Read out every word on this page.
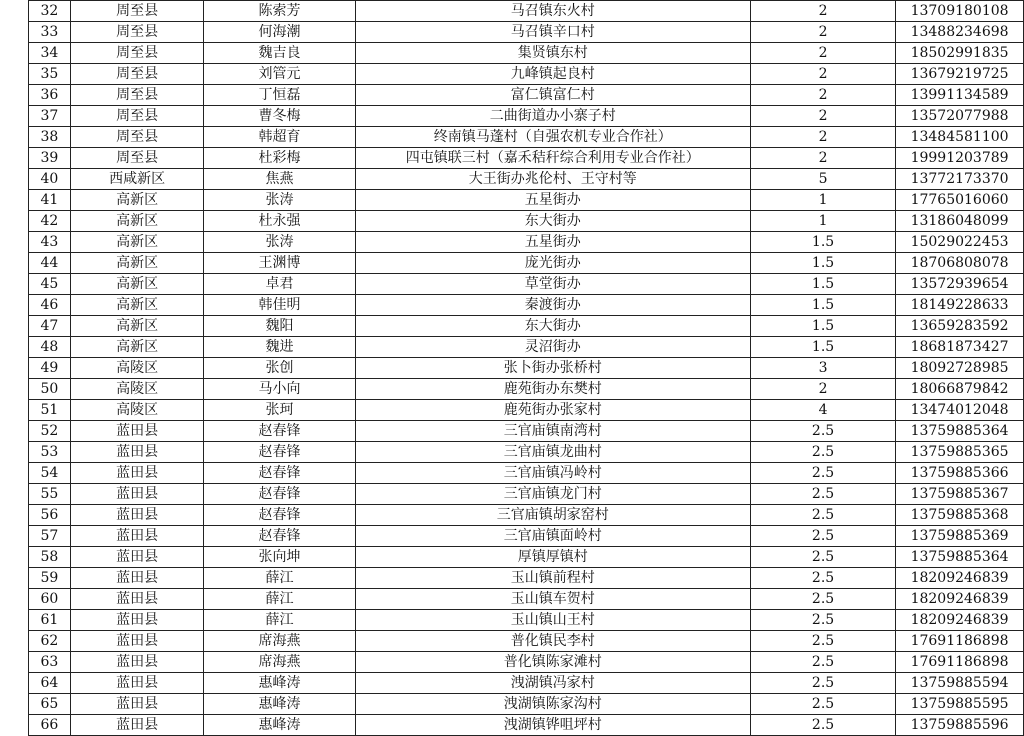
32	周至县	陈索芳	马召镇东火村	2	13709180108
33	周至县	何海潮	马召镇辛口村	2	13488234698
34	周至县	魏吉良	集贤镇东村	2	18502991835
35	周至县	刘管元	九峰镇起良村	2	13679219725
36	周至县	丁恒磊	富仁镇富仁村	2	13991134589
37	周至县	曹冬梅	二曲街道办小寨子村	2	13572077988
38	周至县	韩超育	终南镇马蓬村（自强农机专业合作社）	2	13484581100
39	周至县	杜彩梅	四屯镇联三村（嘉禾秸秆综合利用专业合作社）	2	19991203789
40	西咸新区	焦燕	大王街办兆伦村、王守村等	5	13772173370
41	高新区	张涛	五星街办	1	17765016060
42	高新区	杜永强	东大街办	1	13186048099
43	高新区	张涛	五星街办	1.5	15029022453
44	高新区	王渊博	庞光街办	1.5	18706808078
45	高新区	卓君	草堂街办	1.5	13572939654
46	高新区	韩佳明	秦渡街办	1.5	18149228633
47	高新区	魏阳	东大街办	1.5	13659283592
48	高新区	魏进	灵沼街办	1.5	18681873427
49	高陵区	张创	张卜街办张桥村	3	18092728985
50	高陵区	马小向	鹿苑街办东樊村	2	18066879842
51	高陵区	张珂	鹿苑街办张家村	4	13474012048
52	蓝田县	赵春锋	三官庙镇南湾村	2.5	13759885364
53	蓝田县	赵春锋	三官庙镇龙曲村	2.5	13759885365
54	蓝田县	赵春锋	三官庙镇冯岭村	2.5	13759885366
55	蓝田县	赵春锋	三官庙镇龙门村	2.5	13759885367
56	蓝田县	赵春锋	三官庙镇胡家窑村	2.5	13759885368
57	蓝田县	赵春锋	三官庙镇面岭村	2.5	13759885369
58	蓝田县	张向坤	厚镇厚镇村	2.5	13759885364
59	蓝田县	薛江	玉山镇前程村	2.5	18209246839
60	蓝田县	薛江	玉山镇车贺村	2.5	18209246839
61	蓝田县	薛江	玉山镇山王村	2.5	18209246839
62	蓝田县	席海燕	普化镇民李村	2.5	17691186898
63	蓝田县	席海燕	普化镇陈家滩村	2.5	17691186898
64	蓝田县	惠峰涛	洩湖镇冯家村	2.5	13759885594
65	蓝田县	惠峰涛	洩湖镇陈家沟村	2.5	13759885595
66	蓝田县	惠峰涛	洩湖镇铧咀坪村	2.5	13759885596
